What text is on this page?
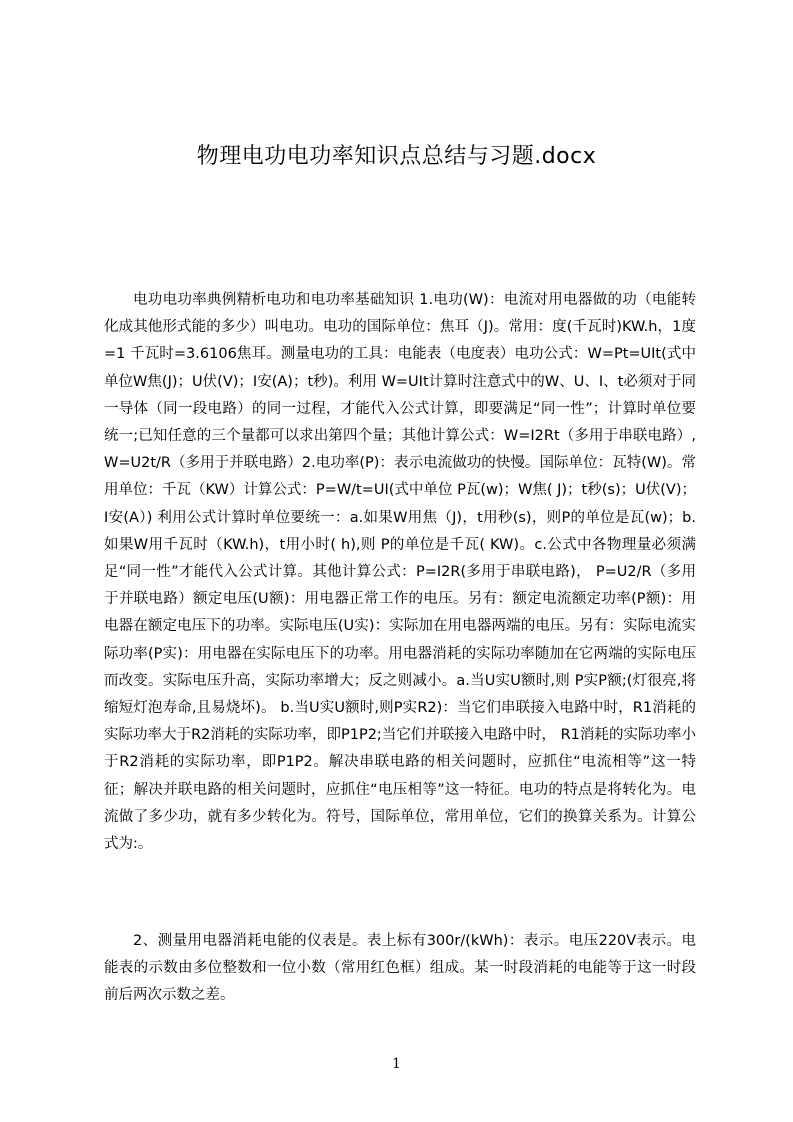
物理电功电功率知识点总结与习题.docx

电功电功率典例精析电功和电功率基础知识 1.电功(W)：电流对用电器做的功（电能转化成其他形式能的多少）叫电功。电功的国际单位：焦耳（J)。常用：度(千瓦时)KW.h，1度=1 千瓦时=3.6106焦耳。测量电功的工具：电能表（电度表）电功公式：W=Pt=UIt(式中单位W焦(J)；U伏(V)；I安(A)；t秒)。利用 W=UIt计算时注意式中的W、U、I、t必须对于同一导体（同一段电路）的同一过程，才能代入公式计算，即要满足“同一性”；计算时单位要统一;已知任意的三个量都可以求出第四个量；其他计算公式：W=I2Rt（多用于串联电路）,W=U2t/R（多用于并联电路）2.电功率(P)：表示电流做功的快慢。国际单位：瓦特(W)。常用单位：千瓦（KW）计算公式：P=W/t=UI(式中单位 P瓦(w)；W焦( J)；t秒(s)；U伏(V)；I安(A）) 利用公式计算时单位要统一：a.如果W用焦（J)，t用秒(s)，则P的单位是瓦(w)；b.如果W用千瓦时（KW.h)，t用小时( h),则 P的单位是千瓦( KW)。c.公式中各物理量必须满足“同一性”才能代入公式计算。其他计算公式：P=I2R(多用于串联电路)， P=U2/R（多用于并联电路）额定电压(U额)：用电器正常工作的电压。另有：额定电流额定功率(P额)：用电器在额定电压下的功率。实际电压(U实)：实际加在用电器两端的电压。另有：实际电流实际功率(P实)：用电器在实际电压下的功率。用电器消耗的实际功率随加在它两端的实际电压而改变。实际电压升高，实际功率增大；反之则减小。a.当U实U额时,则 P实P额;(灯很亮,将缩短灯泡寿命,且易烧坏)。 b.当U实U额时,则P实R2)：当它们串联接入电路中时，R1消耗的实际功率大于R2消耗的实际功率，即P1P2;当它们并联接入电路中时， R1消耗的实际功率小于R2消耗的实际功率，即P1P2。解决串联电路的相关问题时，应抓住“电流相等”这一特征；解决并联电路的相关问题时，应抓住“电压相等”这一特征。电功的特点是将转化为。电流做了多少功，就有多少转化为。符号，国际单位，常用单位，它们的换算关系为。计算公式为:。

2、测量用电器消耗电能的仪表是。表上标有300r/(kWh)：表示。电压220V表示。电能表的示数由多位整数和一位小数（常用红色框）组成。某一时段消耗的电能等于这一时段前后两次示数之差。

1
